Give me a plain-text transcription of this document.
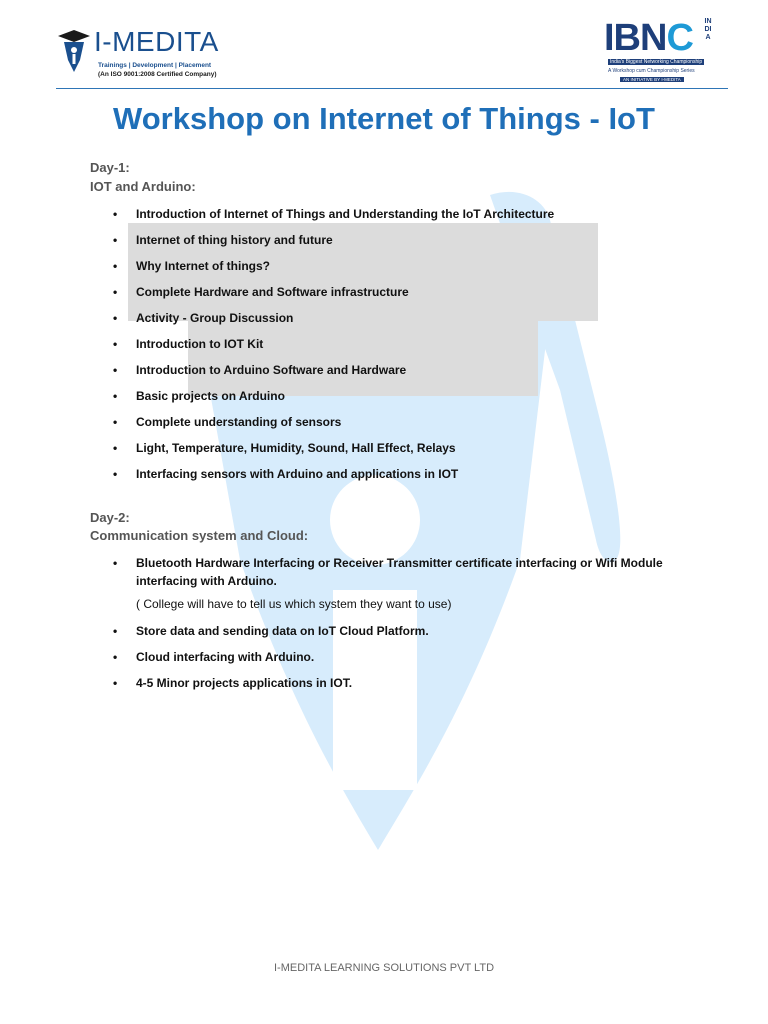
I-MEDITA
Trainings | Development | Placement
(An ISO 9001:2008 Certified Company)
IBNC INDIA
India's Biggest Networking Championship
A Workshop cum Championship Series
AN INITIATIVE BY I-MEDITA
Workshop on Internet of Things - IoT
Day-1:
IOT and Arduino:
• Introduction of Internet of Things and Understanding the IoT Architecture
• Internet of thing history and future
• Why Internet of things?
• Complete Hardware and Software infrastructure
• Activity - Group Discussion
• Introduction to IOT Kit
• Introduction to Arduino Software and Hardware
• Basic projects on Arduino
• Complete understanding of sensors
• Light, Temperature, Humidity, Sound, Hall Effect, Relays
• Interfacing sensors with Arduino and applications in IOT
Day-2:
Communication system and Cloud:
•	Bluetooth Hardware Interfacing or Receiver Transmitter certificate interfacing or Wifi Module interfacing with Arduino.
( College will have to tell us which system they want to use)
•	Store data and sending data on IoT Cloud Platform.
•	Cloud interfacing with Arduino.
•	4-5 Minor projects applications in IOT.
I-MEDITA LEARNING SOLUTIONS PVT LTD
